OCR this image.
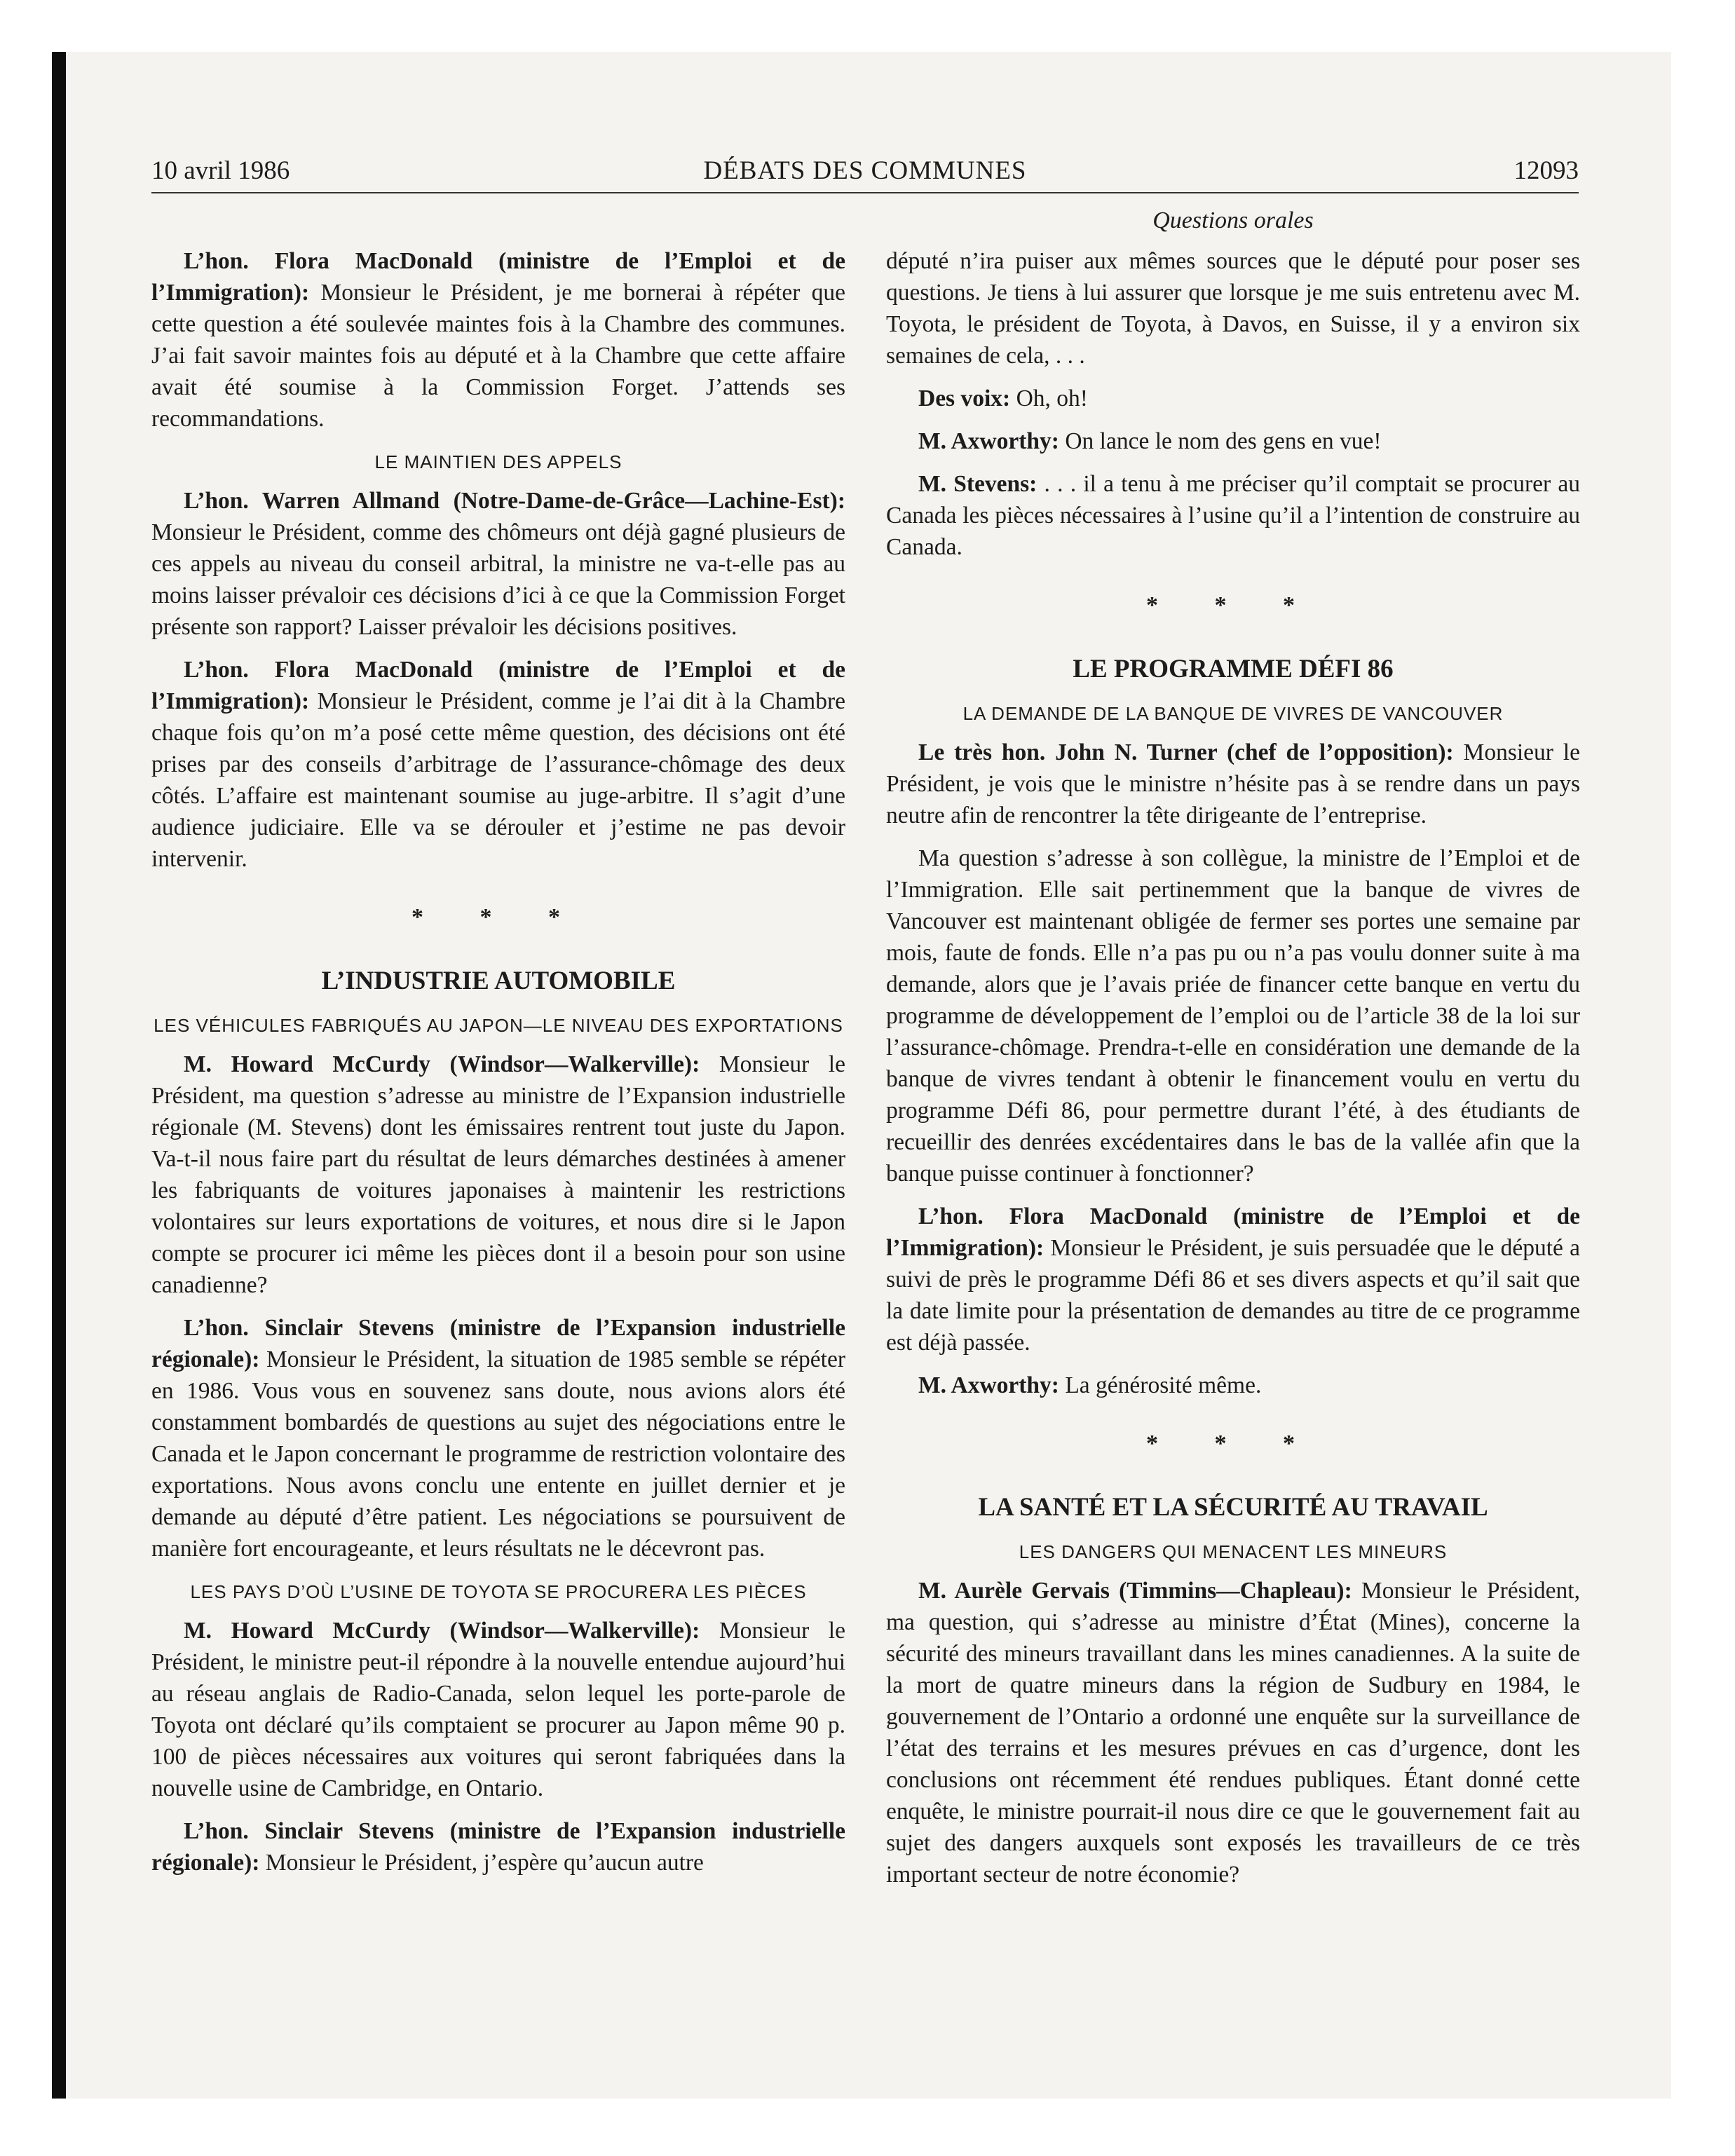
10 avril 1986	DÉBATS DES COMMUNES	12093

L’hon. Flora MacDonald (ministre de l’Emploi et de l’Immigration): Monsieur le Président, je me bornerai à répéter que cette question a été soulevée maintes fois à la Chambre des communes. J’ai fait savoir maintes fois au député et à la Chambre que cette affaire avait été soumise à la Commission Forget. J’attends ses recommandations.

LE MAINTIEN DES APPELS

L’hon. Warren Allmand (Notre-Dame-de-Grâce—Lachine-Est): Monsieur le Président, comme des chômeurs ont déjà gagné plusieurs de ces appels au niveau du conseil arbitral, la ministre ne va-t-elle pas au moins laisser prévaloir ces décisions d’ici à ce que la Commission Forget présente son rapport? Laisser prévaloir les décisions positives.

L’hon. Flora MacDonald (ministre de l’Emploi et de l’Immigration): Monsieur le Président, comme je l’ai dit à la Chambre chaque fois qu’on m’a posé cette même question, des décisions ont été prises par des conseils d’arbitrage de l’assurance-chômage des deux côtés. L’affaire est maintenant soumise au juge-arbitre. Il s’agit d’une audience judiciaire. Elle va se dérouler et j’estime ne pas devoir intervenir.

* * *
L’INDUSTRIE AUTOMOBILE
LES VÉHICULES FABRIQUÉS AU JAPON—LE NIVEAU DES EXPORTATIONS

M. Howard McCurdy (Windsor—Walkerville): Monsieur le Président, ma question s’adresse au ministre de l’Expansion industrielle régionale (M. Stevens) dont les émissaires rentrent tout juste du Japon. Va-t-il nous faire part du résultat de leurs démarches destinées à amener les fabriquants de voitures japonaises à maintenir les restrictions volontaires sur leurs exportations de voitures, et nous dire si le Japon compte se procurer ici même les pièces dont il a besoin pour son usine canadienne?

L’hon. Sinclair Stevens (ministre de l’Expansion industrielle régionale): Monsieur le Président, la situation de 1985 semble se répéter en 1986. Vous vous en souvenez sans doute, nous avions alors été constamment bombardés de questions au sujet des négociations entre le Canada et le Japon concernant le programme de restriction volontaire des exportations. Nous avons conclu une entente en juillet dernier et je demande au député d’être patient. Les négociations se poursuivent de manière fort encourageante, et leurs résultats ne le décevront pas.

LES PAYS D’OÙ L’USINE DE TOYOTA SE PROCURERA LES PIÈCES

M. Howard McCurdy (Windsor—Walkerville): Monsieur le Président, le ministre peut-il répondre à la nouvelle entendue aujourd’hui au réseau anglais de Radio-Canada, selon lequel les porte-parole de Toyota ont déclaré qu’ils comptaient se procurer au Japon même 90 p. 100 de pièces nécessaires aux voitures qui seront fabriquées dans la nouvelle usine de Cambridge, en Ontario.

L’hon. Sinclair Stevens (ministre de l’Expansion industrielle régionale): Monsieur le Président, j’espère qu’aucun autre

Questions orales

député n’ira puiser aux mêmes sources que le député pour poser ses questions. Je tiens à lui assurer que lorsque je me suis entretenu avec M. Toyota, le président de Toyota, à Davos, en Suisse, il y a environ six semaines de cela, . . .

Des voix: Oh, oh!

M. Axworthy: On lance le nom des gens en vue!

M. Stevens: . . . il a tenu à me préciser qu’il comptait se procurer au Canada les pièces nécessaires à l’usine qu’il a l’intention de construire au Canada.

* * *
LE PROGRAMME DÉFI 86
LA DEMANDE DE LA BANQUE DE VIVRES DE VANCOUVER

Le très hon. John N. Turner (chef de l’opposition): Monsieur le Président, je vois que le ministre n’hésite pas à se rendre dans un pays neutre afin de rencontrer la tête dirigeante de l’entreprise.

Ma question s’adresse à son collègue, la ministre de l’Emploi et de l’Immigration. Elle sait pertinemment que la banque de vivres de Vancouver est maintenant obligée de fermer ses portes une semaine par mois, faute de fonds. Elle n’a pas pu ou n’a pas voulu donner suite à ma demande, alors que je l’avais priée de financer cette banque en vertu du programme de développement de l’emploi ou de l’article 38 de la loi sur l’assurance-chômage. Prendra-t-elle en considération une demande de la banque de vivres tendant à obtenir le financement voulu en vertu du programme Défi 86, pour permettre durant l’été, à des étudiants de recueillir des denrées excédentaires dans le bas de la vallée afin que la banque puisse continuer à fonctionner?

L’hon. Flora MacDonald (ministre de l’Emploi et de l’Immigration): Monsieur le Président, je suis persuadée que le député a suivi de près le programme Défi 86 et ses divers aspects et qu’il sait que la date limite pour la présentation de demandes au titre de ce programme est déjà passée.

M. Axworthy: La générosité même.

* * *
LA SANTÉ ET LA SÉCURITÉ AU TRAVAIL
LES DANGERS QUI MENACENT LES MINEURS

M. Aurèle Gervais (Timmins—Chapleau): Monsieur le Président, ma question, qui s’adresse au ministre d’État (Mines), concerne la sécurité des mineurs travaillant dans les mines canadiennes. A la suite de la mort de quatre mineurs dans la région de Sudbury en 1984, le gouvernement de l’Ontario a ordonné une enquête sur la surveillance de l’état des terrains et les mesures prévues en cas d’urgence, dont les conclusions ont récemment été rendues publiques. Étant donné cette enquête, le ministre pourrait-il nous dire ce que le gouvernement fait au sujet des dangers auxquels sont exposés les travailleurs de ce très important secteur de notre économie?
